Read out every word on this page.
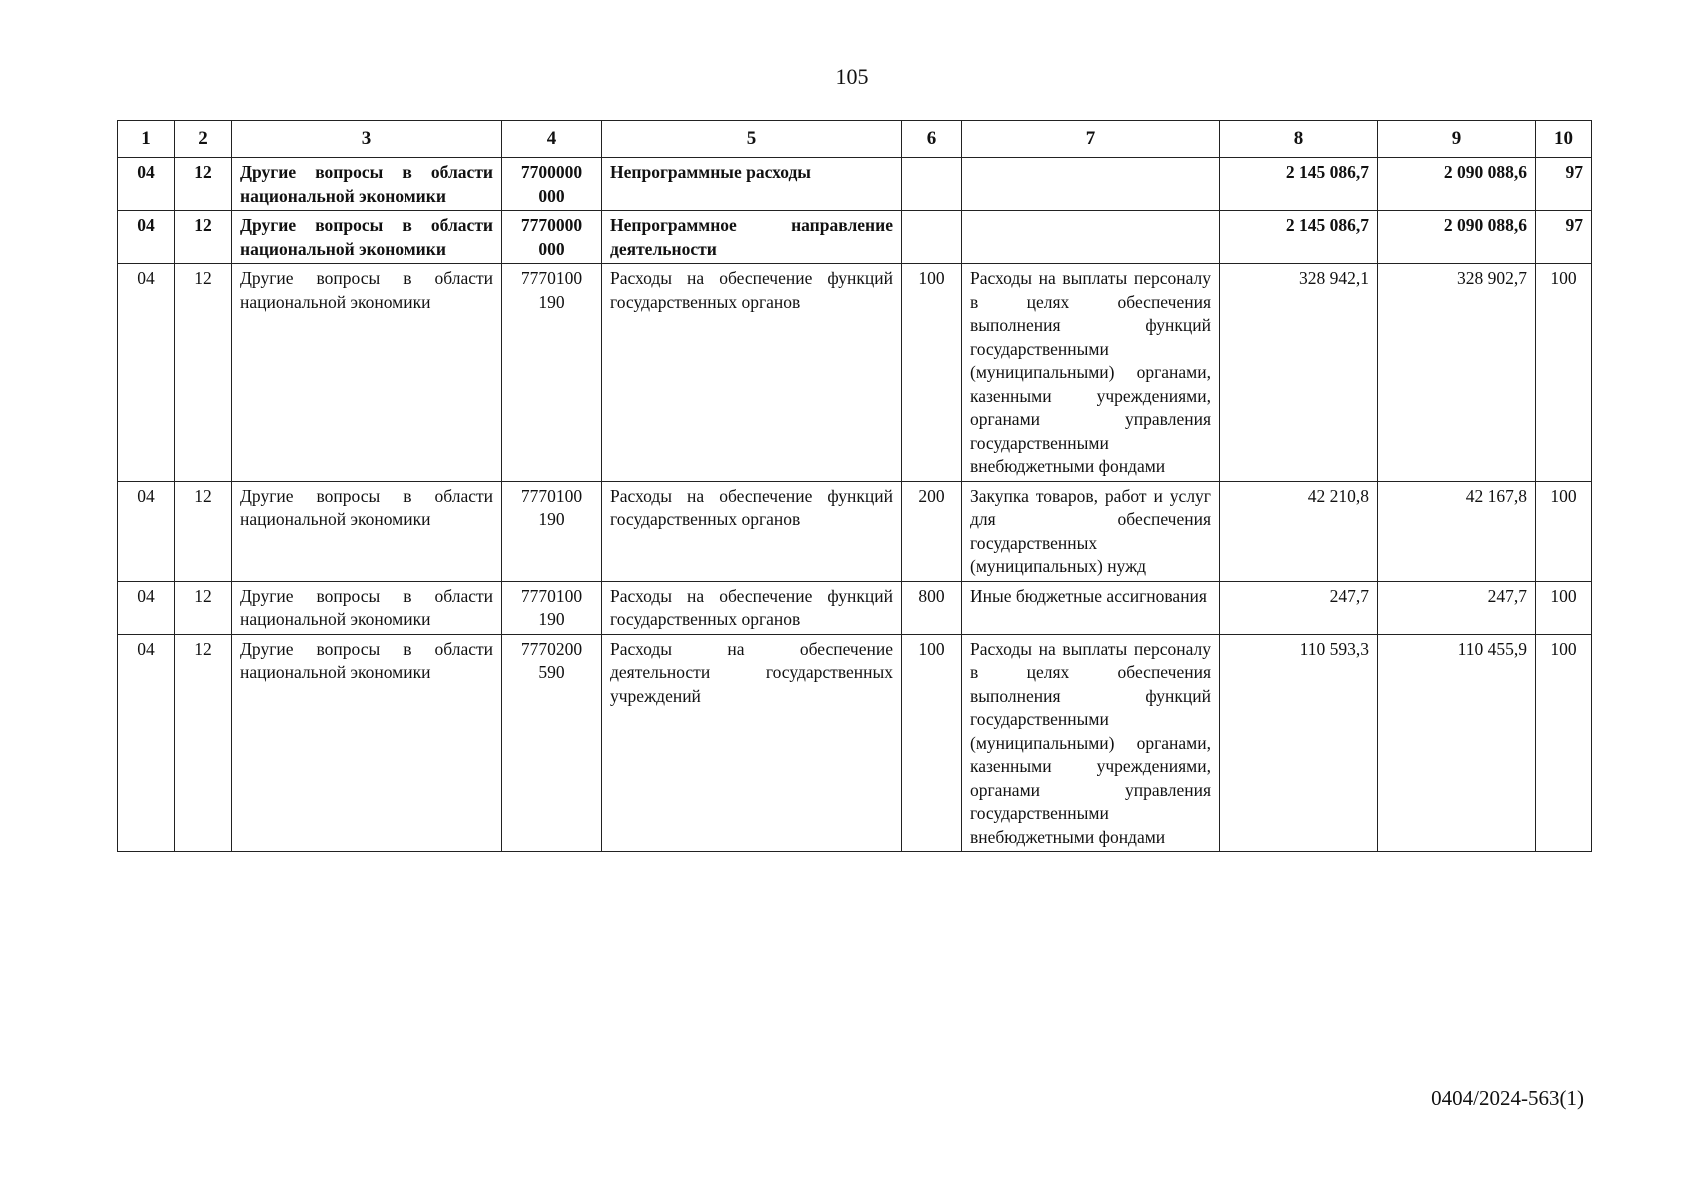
105
1	2	3	4	5	6	7	8	9	10
04	12	Другие вопросы в области национальной экономики	7700000 000	Непрограммные расходы			2 145 086,7	2 090 088,6	97
04	12	Другие вопросы в области национальной экономики	7770000 000	Непрограммное направление деятельности			2 145 086,7	2 090 088,6	97
04	12	Другие вопросы в области национальной экономики	7770100 190	Расходы на обеспечение функций государственных органов	100	Расходы на выплаты персоналу в целях обеспечения выполнения функций государственными (муниципальными) органами, казенными учреждениями, органами управления государственными внебюджетными фондами	328 942,1	328 902,7	100
04	12	Другие вопросы в области национальной экономики	7770100 190	Расходы на обеспечение функций государственных органов	200	Закупка товаров, работ и услуг для обеспечения государственных (муниципальных) нужд	42 210,8	42 167,8	100
04	12	Другие вопросы в области национальной экономики	7770100 190	Расходы на обеспечение функций государственных органов	800	Иные бюджетные ассигнования	247,7	247,7	100
04	12	Другие вопросы в области национальной экономики	7770200 590	Расходы на обеспечение деятельности государственных учреждений	100	Расходы на выплаты персоналу в целях обеспечения выполнения функций государственными (муниципальными) органами, казенными учреждениями, органами управления государственными внебюджетными фондами	110 593,3	110 455,9	100
0404/2024-563(1)
